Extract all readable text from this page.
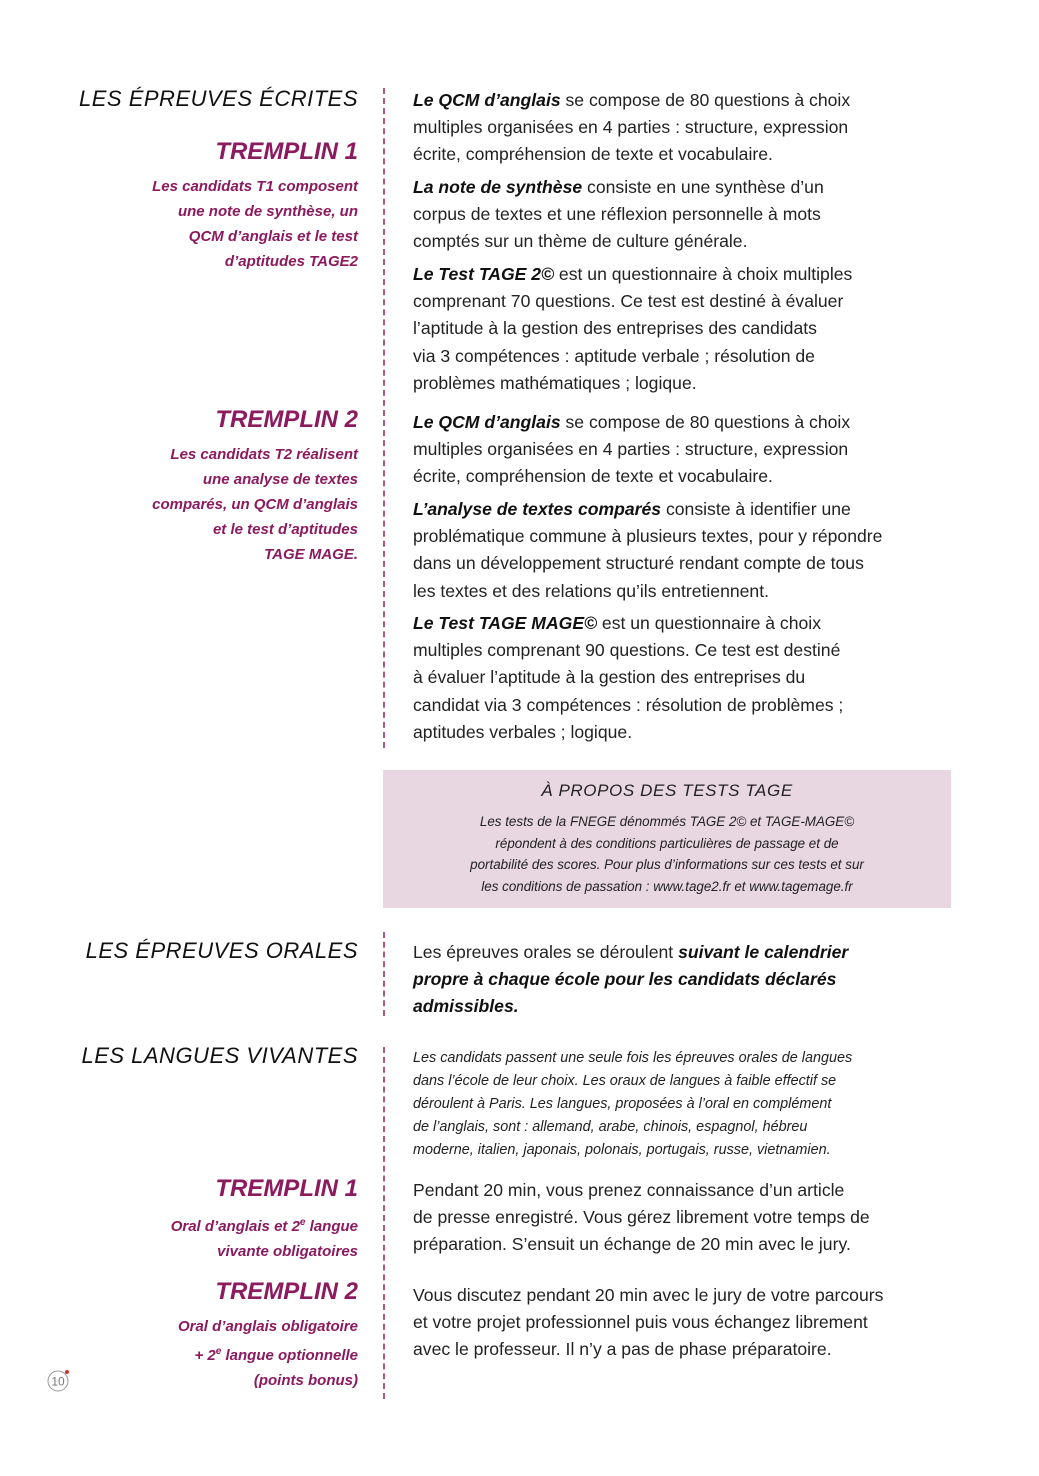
LES ÉPREUVES ÉCRITES
TREMPLIN 1
Les candidats T1 composent
une note de synthèse, un
QCM d’anglais et le test
d’aptitudes TAGE2
Le QCM d’anglais se compose de 80 questions à choix
multiples organisées en 4 parties : structure, expression
écrite, compréhension de texte et vocabulaire.
La note de synthèse consiste en une synthèse d’un
corpus de textes et une réflexion personnelle à mots
comptés sur un thème de culture générale.
Le Test TAGE 2© est un questionnaire à choix multiples
comprenant 70 questions. Ce test est destiné à évaluer
l’aptitude à la gestion des entreprises des candidats
via 3 compétences : aptitude verbale ; résolution de
problèmes mathématiques ; logique.
TREMPLIN 2
Les candidats T2 réalisent
une analyse de textes
comparés, un QCM d’anglais
et le test d’aptitudes
TAGE MAGE.
Le QCM d’anglais se compose de 80 questions à choix
multiples organisées en 4 parties : structure, expression
écrite, compréhension de texte et vocabulaire.
L’analyse de textes comparés consiste à identifier une
problématique commune à plusieurs textes, pour y répondre
dans un développement structuré rendant compte de tous
les textes et des relations qu’ils entretiennent.
Le Test TAGE MAGE© est un questionnaire à choix
multiples comprenant 90 questions. Ce test est destiné
à évaluer l’aptitude à la gestion des entreprises du
candidat via 3 compétences : résolution de problèmes ;
aptitudes verbales ; logique.
À PROPOS DES TESTS TAGE
Les tests de la FNEGE dénommés TAGE 2© et TAGE-MAGE©
répondent à des conditions particulières de passage et de
portabilité des scores. Pour plus d’informations sur ces tests et sur
les conditions de passation : www.tage2.fr et www.tagemage.fr
LES ÉPREUVES ORALES	Les épreuves orales se déroulent suivant le calendrier
propre à chaque école pour les candidats déclarés
admissibles.
LES LANGUES VIVANTES	Les candidats passent une seule fois les épreuves orales de langues
dans l’école de leur choix. Les oraux de langues à faible effectif se
déroulent à Paris. Les langues, proposées à l’oral en complément
de l’anglais, sont : allemand, arabe, chinois, espagnol, hébreu
moderne, italien, japonais, polonais, portugais, russe, vietnamien.
TREMPLIN 1
Oral d’anglais et 2e langue
vivante obligatoires
Pendant 20 min, vous prenez connaissance d’un article
de presse enregistré. Vous gérez librement votre temps de
préparation. S’ensuit un échange de 20 min avec le jury.
TREMPLIN 2
Oral d’anglais obligatoire
+ $2^e$ langue optionnelle
(points bonus)
Vous discutez pendant 20 min avec le jury de votre parcours
et votre projet professionnel puis vous échangez librement
avec le professeur. Il n’y a pas de phase préparatoire.
10
